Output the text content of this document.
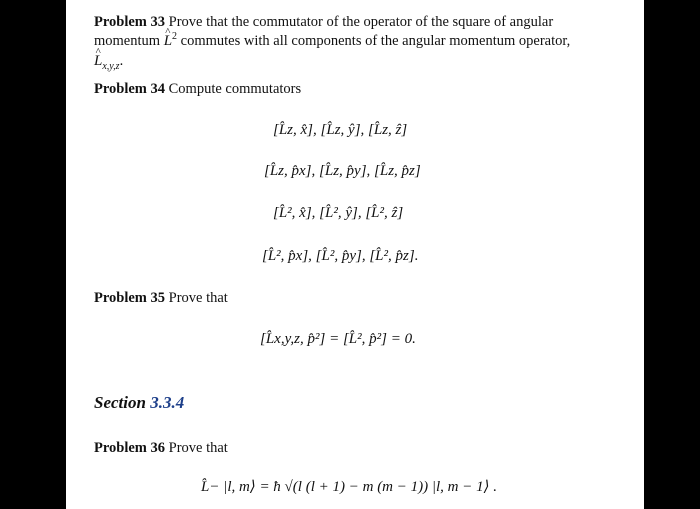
Problem 33 Prove that the commutator of the operator of the square of angular
momentum L ^$^2$ commutes with all components of the angular momentum operator,
L $\^{}_{x,y,z}$.
Problem 34 Compute commutators
[L̂z, x̂], [L̂z, ŷ], [L̂z, ẑ]
[L̂z, p̂x], [L̂z, p̂y], [L̂z, p̂z]
[L̂², x̂], [L̂², ŷ], [L̂², ẑ]
[L̂², p̂x], [L̂², p̂y], [L̂², p̂z].
Problem 35 Prove that
[L̂x,y,z, p̂²] = [L̂², p̂²] = 0.
Section 3.3.4
Problem 36 Prove that
L̂− |l, m⟩ = ħ √(l (l + 1) − m (m − 1)) |l, m − 1⟩ .
